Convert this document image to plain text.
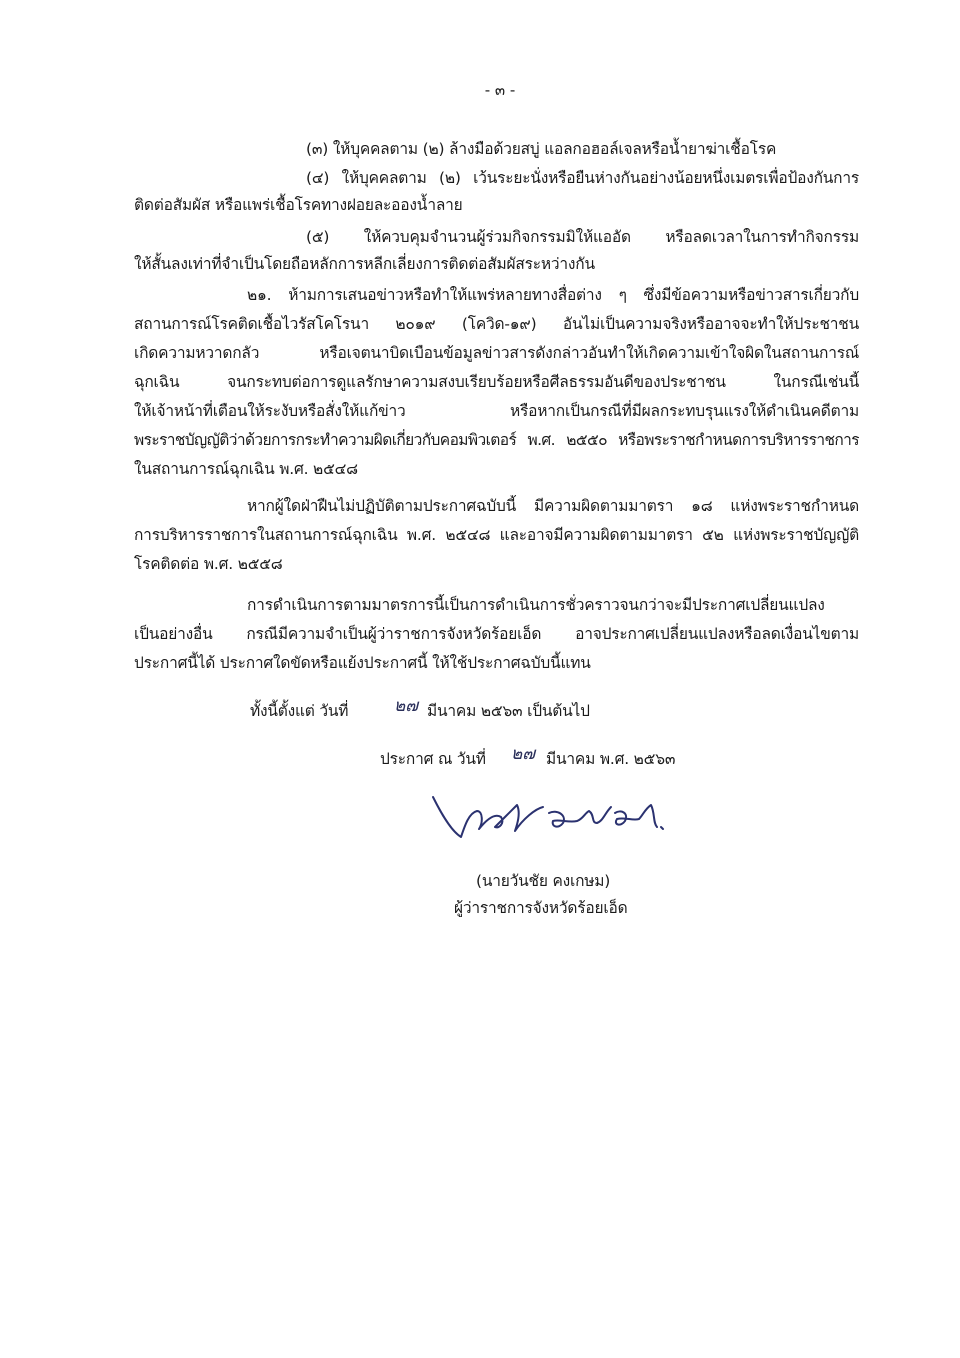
- ๓ -
(๓) ให้บุคคลตาม (๒) ล้างมือด้วยสบู่ แอลกอฮอล์เจลหรือน้ำยาฆ่าเชื้อโรค
(๔) ให้บุคคลตาม (๒) เว้นระยะนั่งหรือยืนห่างกันอย่างน้อยหนึ่งเมตรเพื่อป้องกันการ
ติดต่อสัมผัส หรือแพร่เชื้อโรคทางฝอยละอองน้ำลาย
(๕) ให้ควบคุมจำนวนผู้ร่วมกิจกรรมมิให้แออัด หรือลดเวลาในการทำกิจกรรม
ให้สั้นลงเท่าที่จำเป็นโดยถือหลักการหลีกเลี่ยงการติดต่อสัมผัสระหว่างกัน
๒๑. ห้ามการเสนอข่าวหรือทำให้แพร่หลายทางสื่อต่าง ๆ ซึ่งมีข้อความหรือข่าวสารเกี่ยวกับ
สถานการณ์โรคติดเชื้อไวรัสโคโรนา ๒๐๑๙ (โควิด-๑๙) อันไม่เป็นความจริงหรืออาจจะทำให้ประชาชน
เกิดความหวาดกลัว หรือเจตนาบิดเบือนข้อมูลข่าวสารดังกล่าวอันทำให้เกิดความเข้าใจผิดในสถานการณ์
ฉุกเฉิน จนกระทบต่อการดูแลรักษาความสงบเรียบร้อยหรือศีลธรรมอันดีของประชาชน ในกรณีเช่นนี้
ให้เจ้าหน้าที่เตือนให้ระงับหรือสั่งให้แก้ข่าว หรือหากเป็นกรณีที่มีผลกระทบรุนแรงให้ดำเนินคดีตาม
พระราชบัญญัติว่าด้วยการกระทำความผิดเกี่ยวกับคอมพิวเตอร์ พ.ศ. ๒๕๕๐ หรือพระราชกำหนดการบริหารราชการ
ในสถานการณ์ฉุกเฉิน พ.ศ. ๒๕๔๘
หากผู้ใดฝ่าฝืนไม่ปฏิบัติตามประกาศฉบับนี้ มีความผิดตามมาตรา ๑๘ แห่งพระราชกำหนด
การบริหารราชการในสถานการณ์ฉุกเฉิน พ.ศ. ๒๕๔๘ และอาจมีความผิดตามมาตรา ๕๒ แห่งพระราชบัญญัติ
โรคติดต่อ พ.ศ. ๒๕๕๘
การดำเนินการตามมาตรการนี้เป็นการดำเนินการชั่วคราวจนกว่าจะมีประกาศเปลี่ยนแปลง
เป็นอย่างอื่น กรณีมีความจำเป็นผู้ว่าราชการจังหวัดร้อยเอ็ด อาจประกาศเปลี่ยนแปลงหรือลดเงื่อนไขตาม
ประกาศนี้ได้ ประกาศใดขัดหรือแย้งประกาศนี้ ให้ใช้ประกาศฉบับนี้แทน
ทั้งนี้ตั้งแต่ วันที่	๒๗ มีนาคม ๒๕๖๓ เป็นต้นไป
ประกาศ ณ วันที่ ๒๗ มีนาคม พ.ศ. ๒๕๖๓
(นายวันชัย คงเกษม)
ผู้ว่าราชการจังหวัดร้อยเอ็ด
